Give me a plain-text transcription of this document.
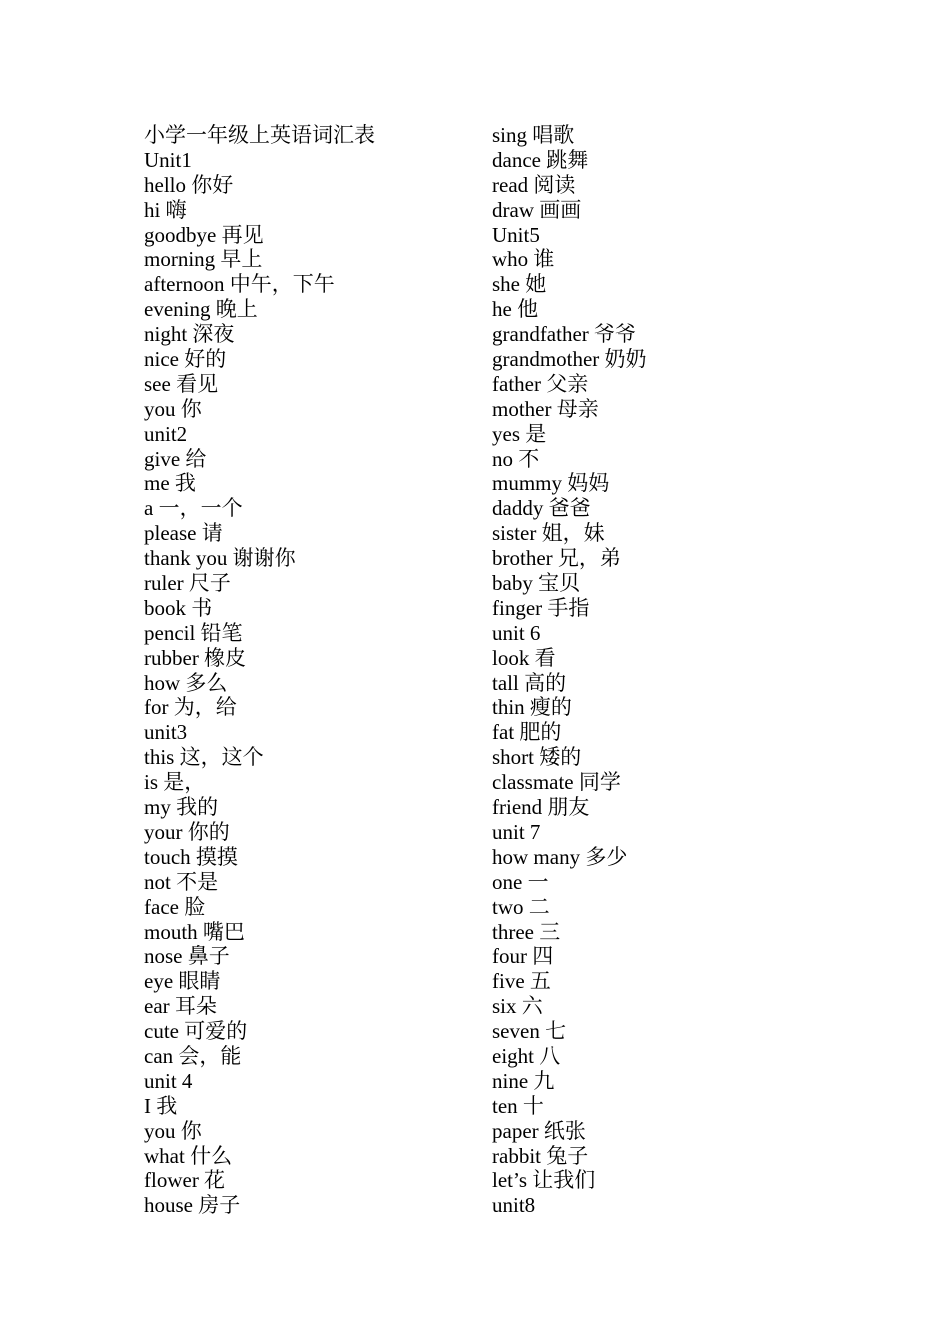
小学一年级上英语词汇表
Unit1
hello 你好
hi 嗨
goodbye 再见
morning 早上
afternoon 中午，下午
evening 晚上
night 深夜
nice 好的
see 看见
you 你
unit2
give 给
me 我
a 一，一个
please 请
thank you 谢谢你
ruler 尺子
book 书
pencil 铅笔
rubber 橡皮
how 多么
for 为，给
unit3
this 这，这个
is 是，
my 我的
your 你的
touch 摸摸
not 不是
face 脸
mouth 嘴巴
nose 鼻子
eye 眼睛
ear 耳朵
cute 可爱的
can 会，能
unit 4
I 我
you 你
what 什么
flower 花
house 房子
sing 唱歌
dance 跳舞
read 阅读
draw 画画
Unit5
who 谁
she 她
he 他
grandfather 爷爷
grandmother 奶奶
father 父亲
mother 母亲
yes 是
no 不
mummy 妈妈
daddy 爸爸
sister 姐，妹
brother 兄，弟
baby 宝贝
finger 手指
unit 6
look 看
tall 高的
thin 瘦的
fat 肥的
short 矮的
classmate 同学
friend 朋友
unit 7
how many 多少
one 一
two 二
three 三
four 四
five 五
six 六
seven 七
eight 八
nine 九
ten 十
paper 纸张
rabbit 兔子
let’s 让我们
unit8
